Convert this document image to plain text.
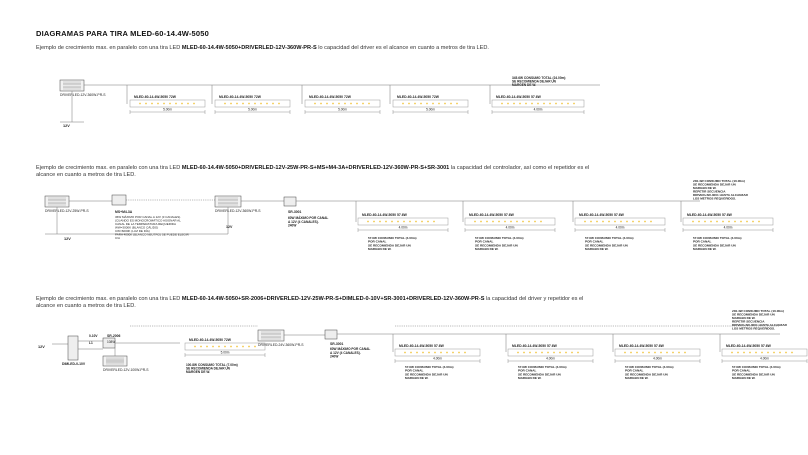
DIAGRAMAS PARA TIRA MLED-60-14.4W-5050
Ejemplo de crecimiento max. en paralelo con una tira LED MLED-60-14.4W-5050+DRIVERLED-12V-360W-PR-S lo capacidad del driver es el alcance en cuanto a metros de tira LED.
Ejemplo de crecimiento max. en paralelo con una tira LED MLED-60-14.4W-5050+DRIVERLED-12V-25W-PR-S+MS+M4-3A+DRIVERLED-12V-360W-PR-S+SR-3001 la capacidad del controlador, así como el repetidor es el alcance en cuanto a metros de tira LED.
Ejemplo de crecimiento max. en paralelo con una tira LED MLED-60-14.4W-5050+SR-2006+DRIVERLED-12V-25W-PR-S+DIMLED-0-10V+SR-3001+DRIVERLED-12V-360W-PR-S la capacidad del driver y repetidor es el alcance en cuanto a metros de tira LED.
DRIVERLED-12V-360W-PR-S
12V
MLED-60-14.4W-5050 72W
5.00m
MLED-60-14.4W-5050 72W
5.00m
MLED-60-14.4W-5050 72W
5.00m
MLED-60-14.4W-5050 72W
5.00m
MLED-60-14.4W-5050 57.6W
4.00m
345.6W CONSUMO TOTAL (24.00m)
SE RECOMIENDA DEJAR UN
MARGEN DE W.
DRIVERLED-12V-25W-PR-S
12V
MS+M4-3A
36W MÁXIMO POR CANAL A 12V (3 CANALES).
(CUANDO ES MONOCROMÁTICO ASIGNAR AL
CANAL DE LA TEMPERATURA REQUERIDA
WW=3000K (BLANCO CÁLIDO)
CW=6000K (LUZ DE DÍA)
PARA 4000K (BLANCO NEUTRO) SE PUEDE ELEGIR
C/A
DRIVERLED-12V-360W-PR-S
12V
SR-3001
60W MÁXIMO POR CANAL
A 12V (4 CANALES).
240W
MLED-60-14.4W-5050 57.6W
4.00m
57.6W CONSUMO TOTAL (4.00m)
POR CANAL
SE RECOMIENDA DEJAR UN
MARGEN DE W.
MLED-60-14.4W-5050 57.6W
4.00m
57.6W CONSUMO TOTAL (4.00m)
POR CANAL
SE RECOMIENDA DEJAR UN
MARGEN DE W.
MLED-60-14.4W-5050 57.6W
4.00m
57.6W CONSUMO TOTAL (4.00m)
POR CANAL
SE RECOMIENDA DEJAR UN
MARGEN DE W.
MLED-60-14.4W-5050 57.6W
4.00m
57.6W CONSUMO TOTAL (4.00m)
POR CANAL
SE RECOMIENDA DEJAR UN
MARGEN DE W.
230.4W CONSUMO TOTAL (16.00m)
SE RECOMIENDA DEJAR UN
MARGEN DE W.
REPETIR SECUENCIA
DRIVER+SR-3001 HASTA ALCANZAR
LOS METROS REQUERIDOS.
12V
DIMLED-0-10V
0-10V
L1
SR-2006
108W
DRIVERLED-12V-100W-PR-S
MLED-60-14.4W-5050 72W
5.00m
100.8W CONSUMO TOTAL (7.00m)
SE RECOMIENDA DEJAR UN
MARGEN DE W.
DRIVERLED-24V-360W-PR-S	SR-3001
60W MÁXIMO POR CANAL
A 12V (4 CANALES).
240W
MLED-60-14.4W-5050 57.6W
4.00m
57.6W CONSUMO TOTAL (4.00m)
POR CANAL
SE RECOMIENDA DEJAR UN
MARGEN DE W.
MLED-60-14.4W-5050 57.6W
4.00m
57.6W CONSUMO TOTAL (4.00m)
POR CANAL
SE RECOMIENDA DEJAR UN
MARGEN DE W.
MLED-60-14.4W-5050 57.6W
4.00m
57.6W CONSUMO TOTAL (4.00m)
POR CANAL
SE RECOMIENDA DEJAR UN
MARGEN DE W.
MLED-60-14.4W-5050 57.6W
4.00m
57.6W CONSUMO TOTAL (4.00m)
POR CANAL
SE RECOMIENDA DEJAR UN
MARGEN DE W.
230.4W CONSUMO TOTAL (16.00m)
SE RECOMIENDA DEJAR UN
MARGEN DE W.
REPETIR SECUENCIA
DRIVER+SR-3001 HASTA ALCANZAR
LOS METROS REQUERIDOS.
